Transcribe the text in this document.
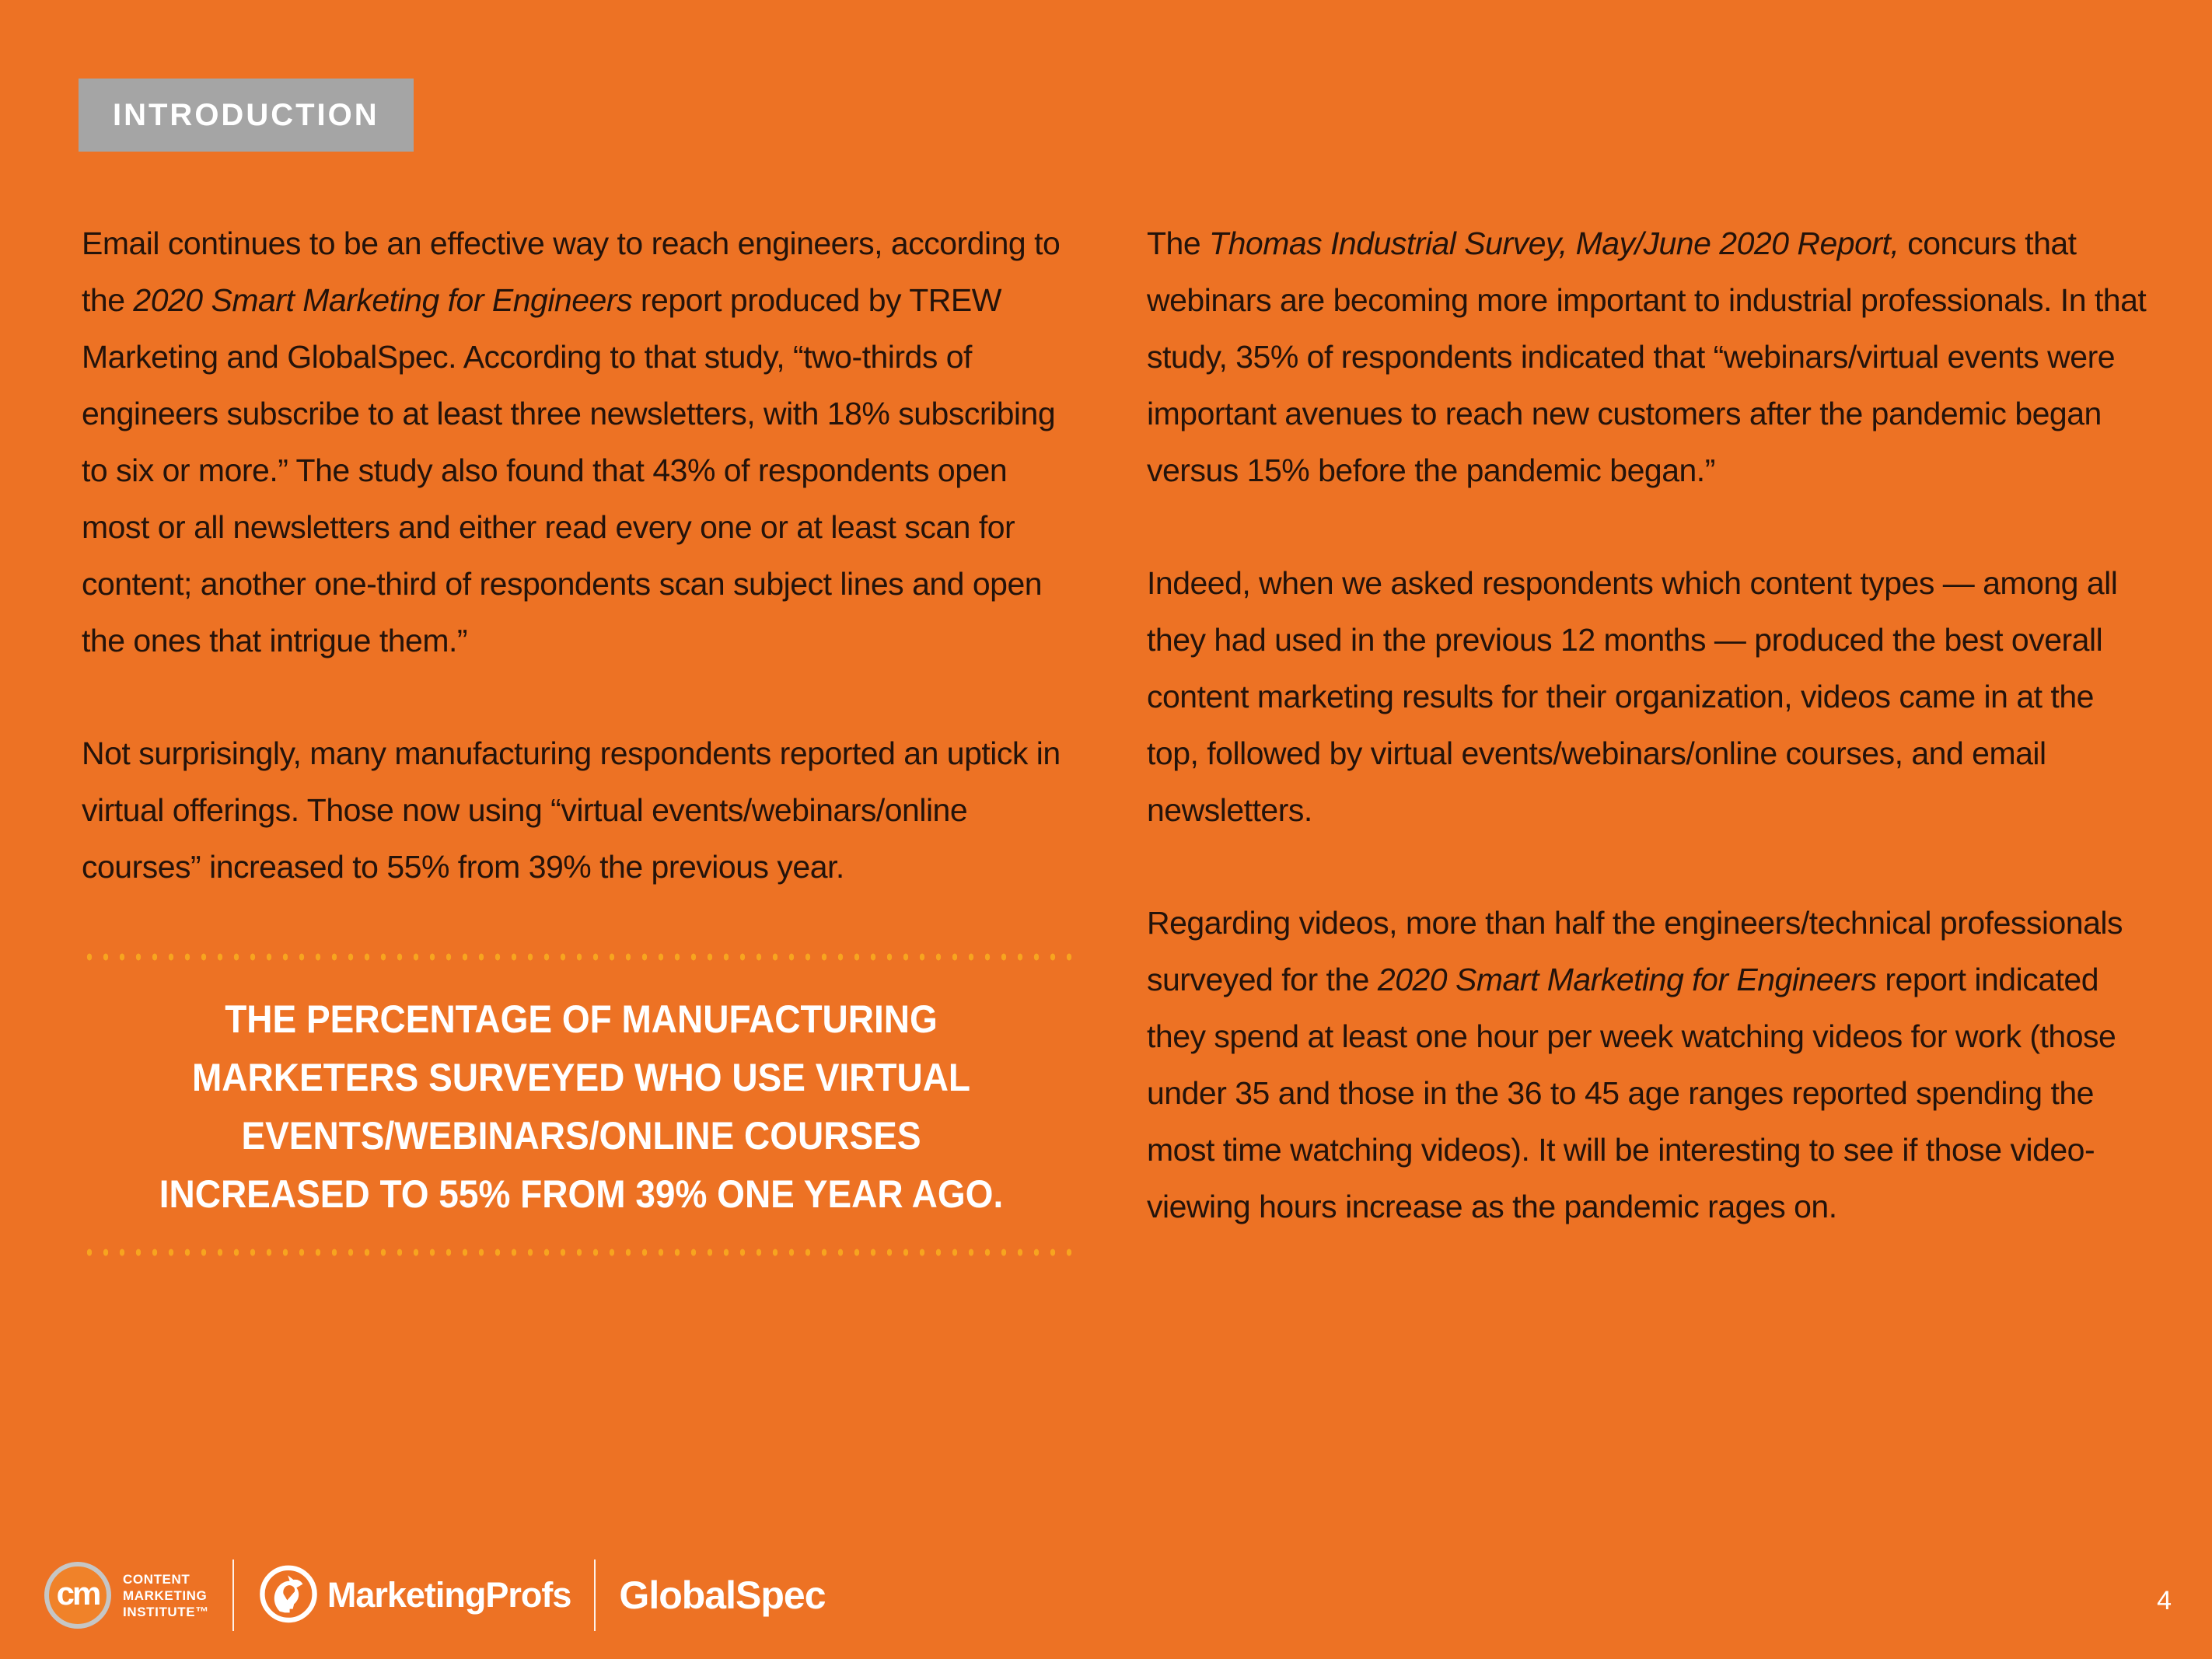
INTRODUCTION

Email continues to be an effective way to reach engineers, according to the 2020 Smart Marketing for Engineers report produced by TREW Marketing and GlobalSpec. According to that study, “two-thirds of engineers subscribe to at least three newsletters, with 18% subscribing to six or more.” The study also found that 43% of respondents open most or all newsletters and either read every one or at least scan for content; another one-third of respondents scan subject lines and open the ones that intrigue them.”

Not surprisingly, many manufacturing respondents reported an uptick in virtual offerings. Those now using “virtual events/webinars/online courses” increased to 55% from 39% the previous year.

THE PERCENTAGE OF MANUFACTURING
MARKETERS SURVEYED WHO USE VIRTUAL
EVENTS/WEBINARS/ONLINE COURSES
INCREASED TO 55% FROM 39% ONE YEAR AGO.

The Thomas Industrial Survey, May/June 2020 Report, concurs that webinars are becoming more important to industrial professionals. In that study, 35% of respondents indicated that “webinars/virtual events were important avenues to reach new customers after the pandemic began versus 15% before the pandemic began.”

Indeed, when we asked respondents which content types — among all they had used in the previous 12 months — produced the best overall content marketing results for their organization, videos came in at the top, followed by virtual events/webinars/online courses, and email newsletters.

Regarding videos, more than half the engineers/technical professionals surveyed for the 2020 Smart Marketing for Engineers report indicated they spend at least one hour per week watching videos for work (those under 35 and those in the 36 to 45 age ranges reported spending the most time watching videos). It will be interesting to see if those video-viewing hours increase as the pandemic rages on.

cm CONTENT
MARKETING
INSTITUTE™	MarketingProfs GlobalSpec	4
